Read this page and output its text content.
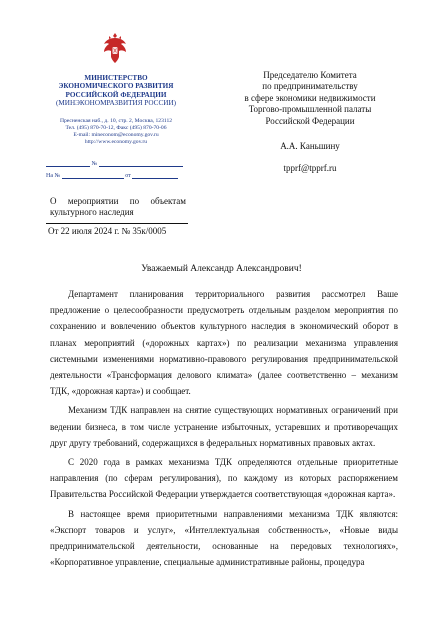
МИНИСТЕРСТВО
ЭКОНОМИЧЕСКОГО РАЗВИТИЯ
РОССИЙСКОЙ ФЕДЕРАЦИИ
(МИНЭКОНОМРАЗВИТИЯ РОССИИ)
Пресненская наб., д. 10, стр. 2, Москва, 123112
Тел. (495) 870-70-12, Факс (495) 870-70-06
E-mail: mineconom@economy.gov.ru
http://www.economy.gov.ru
№
На №	от
О мероприятии по объектам культурного наследия
От 22 июля 2024 г. № 35к/0005
Председателю Комитета
по предпринимательству
в сфере экономики недвижимости
Торгово-промышленной палаты
Российской Федерации
А.А. Каньшину
tpprf@tpprf.ru
Уважаемый Александр Александрович!

Департамент планирования территориального развития рассмотрел Ваше предложение о целесообразности предусмотреть отдельным разделом мероприятия по сохранению и вовлечению объектов культурного наследия в экономический оборот в планах мероприятий («дорожных картах») по реализации механизма управления системными изменениями нормативно-правового регулирования предпринимательской деятельности «Трансформация делового климата» (далее соответственно – механизм ТДК, «дорожная карта») и сообщает.

Механизм ТДК направлен на снятие существующих нормативных ограничений при ведении бизнеса, в том числе устранение избыточных, устаревших и противоречащих друг другу требований, содержащихся в федеральных нормативных правовых актах.

С 2020 года в рамках механизма ТДК определяются отдельные приоритетные направления (по сферам регулирования), по каждому из которых распоряжением Правительства Российской Федерации утверждается соответствующая «дорожная карта».

В настоящее время приоритетными направлениями механизма ТДК являются: «Экспорт товаров и услуг», «Интеллектуальная собственность», «Новые виды предпринимательской деятельности, основанные на передовых технологиях», «Корпоративное управление, специальные административные районы, процедура
